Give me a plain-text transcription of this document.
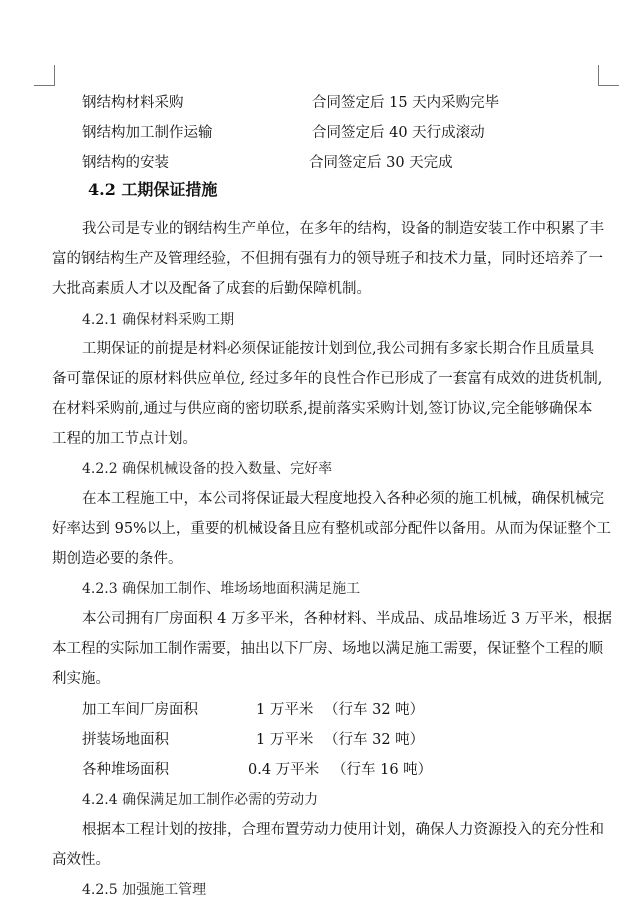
钢结构材料采购	合同签定后 15 天内采购完毕
钢结构加工制作运输	合同签定后 40 天行成滚动
钢结构的安装	合同签定后 30 天完成
4.2 工期保证措施
我公司是专业的钢结构生产单位，在多年的结构，设备的制造安装工作中积累了丰
富的钢结构生产及管理经验，不但拥有强有力的领导班子和技术力量，同时还培养了一
大批高素质人才以及配备了成套的后勤保障机制。
4.2.1 确保材料采购工期
工期保证的前提是材料必须保证能按计划到位,我公司拥有多家长期合作且质量具
备可靠保证的原材料供应单位, 经过多年的良性合作已形成了一套富有成效的进货机制,
在材料采购前,通过与供应商的密切联系,提前落实采购计划,签订协议,完全能够确保本
工程的加工节点计划。
4.2.2 确保机械设备的投入数量、完好率
在本工程施工中，本公司将保证最大程度地投入各种必须的施工机械，确保机械完
好率达到 95%以上，重要的机械设备且应有整机或部分配件以备用。从而为保证整个工
期创造必要的条件。
4.2.3 确保加工制作、堆场场地面积满足施工
本公司拥有厂房面积 4 万多平米，各种材料、半成品、成品堆场近 3 万平米，根据
本工程的实际加工制作需要，抽出以下厂房、场地以满足施工需要，保证整个工程的顺
利实施。
加工车间厂房面积	1 万平米 （行车 32 吨）
拼装场地面积	1 万平米 （行车 32 吨）
各种堆场面积	0.4 万平米 （行车 16 吨）
4.2.4 确保满足加工制作必需的劳动力
根据本工程计划的按排，合理布置劳动力使用计划，确保人力资源投入的充分性和
高效性。
4.2.5 加强施工管理
